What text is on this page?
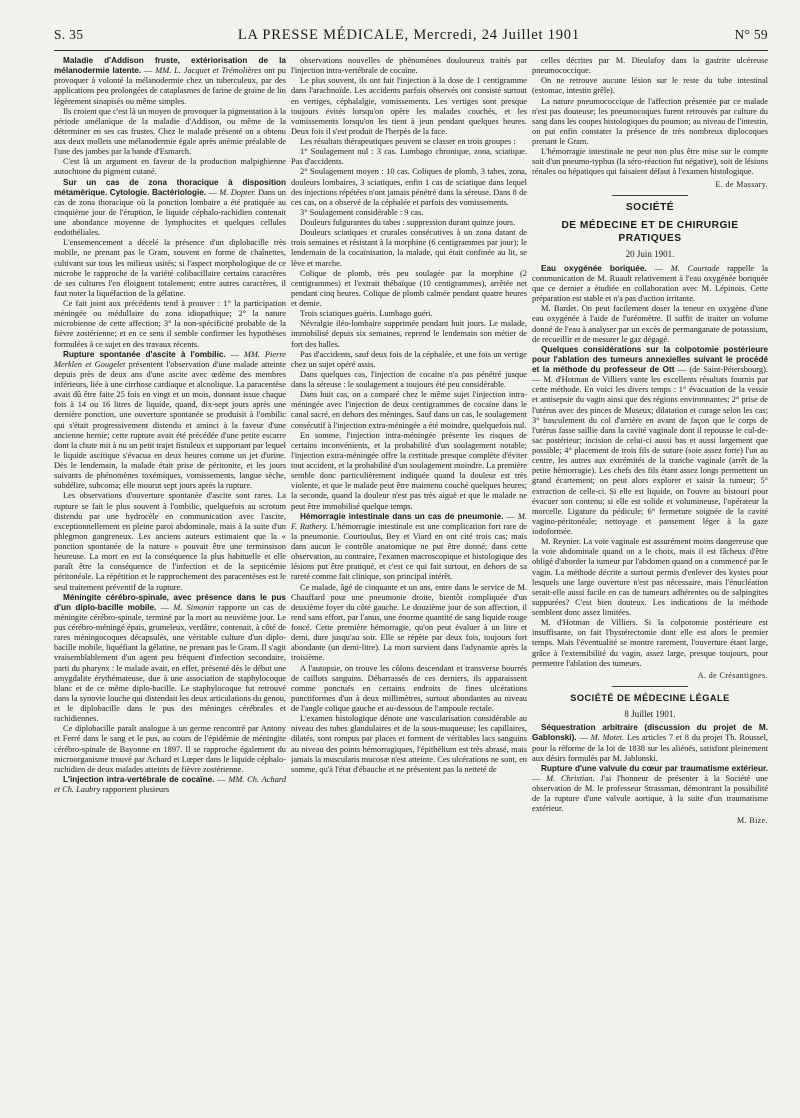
S. 35	LA PRESSE MÉDICALE, Mercredi, 24 Juillet 1901	N° 59

Maladie d'Addison fruste, extériorisation de la mélanodermie latente. — MM. L. Jacquet et Trémolières ont pu provoquer à volonté la mélanodermie chez un tuberculeux, par des applications peu prolongées de cataplasmes de farine de graine de lin légèrement sinapisés ou même simples.

Ils croient que c'est là un moyen de provoquer la pigmentation à la période amélanique de la maladie d'Addison, ou même de la déterminer en ses cas frustes. Chez le malade présenté on a obtenu aux deux mollets une mélanodermie égale après anémie préalable de l'une des jambes par la bande d'Esmarch.

C'est là un argument en faveur de la production malpighienne autochtone du pigment cutané.

Sur un cas de zona thoracique à disposition métamérique. Cytologie. Bactériologie. — M. Dopter. Dans un cas de zona thoracique où la ponction lombaire a été pratiquée au cinquième jour de l'éruption, le liquide céphalo-rachidien contenait une abondance moyenne de lymphocites et quelques cellules endothéliales.

L'ensemencement a décelé la présence d'un diplobacille très mobile, ne prenant pas le Gram, souvent en forme de chaînettes, cultivant sur tous les milieux usités; si l'aspect morphologique de ce microbe le rapproche de la variété colibacillaire certains caractères de ses cultures l'en éloignent totalement; entre autres caractères, il faut noter la liquéfaction de la gélatine.

Ce fait joint aux précédents tend à prouver : 1° la participation méningée ou médullaire du zona idiopathique; 2° la nature microbienne de cette affection; 3° la non-spécificité probable de la fièvre zostérienne; et en ce sens il semble confirmer les hypothèses formulées à ce sujet en des travaux récents.

Rupture spontanée d'ascite à l'ombilic. — MM. Pierre Merklen et Gougelet présentent l'observation d'une malade atteinte depuis près de deux ans d'une ascite avec œdème des membres inférieurs, liée à une cirrhose cardiaque et alcoolique. La paracentèse avait dû être faite 25 fois en vingt et un mois, donnant issue chaque fois à 14 ou 16 litres de liquide, quand, dix-sept jours après une dernière ponction, une ouverture spontanée se produisit à l'ombilic qui s'était progressivement distendu et aminci à la faveur d'une ancienne hernie; cette rupture avait été précédée d'une petite escarre dont la chute mit à nu un petit trajet fistuleux et supportant par lequel le liquide ascitique s'évacua en deux heures comme un jet d'urine. Dès le lendemain, la malade était prise de péritonite, et les jours suivants de phénomènes toxémiques, vomissements, langue sèche, subdélire, subcoma; elle mourut sept jours après la rupture.

Les observations d'ouverture spontanée d'ascite sont rares. La rupture se fait le plus souvent à l'ombilic, quelquefois au scrotum distendu par une hydrocèle en communication avec l'ascite, exceptionnellement en pleine paroi abdominale, mais à la suite d'un phlegmon gangreneux. Les anciens auteurs estimaient que la « ponction spontanée de la nature » pouvait être une terminaison heureuse. La mort en est la conséquence la plus habituelle et elle paraît être la conséquence de l'infection et de la septicémie péritonéale. La répétition et le rapprochement des paracentèses est le seul traitement préventif de la rupture.

Méningite cérébro-spinale, avec présence dans le pus d'un diplo-bacille mobile. — M. Simonin rapporte un cas de méningite cérébro-spinale, terminé par la mort au neuvième jour. Le pus cérébro-méningé épais, grumeleux, verdâtre, contenait, à côté de rares méningocoques décapsulés, une véritable culture d'un diplo-bacille mobile, liquéfiant la gélatine, ne prenant pas le Gram. Il s'agit vraisemblablement d'un agent peu fréquent d'infection secondaire, parti du pharynx : le malade avait, en effet, présenté dès le début une amygdalite érythémateuse, due à une association de staphylocoque blanc et de ce même diplo-bacille. Le staphylocoque fut retrouvé dans la synovie louche qui distendait les deux articulations du genou, et le diplobacille dans le pus des méninges cérébrales et rachidiennes.

Ce diplobacille paraît analogue à un germe rencontré par Antony et Ferré dans le sang et le pus, au cours de l'épidémie de méningite cérébro-spinale de Bayonne en 1897. Il se rapproche également du microorganisme trouvé par Achard et Lœper dans le liquide céphalo-rachidien de deux malades atteints de fièvre zostérienne.

L'injection intra-vertébrale de cocaïne. — MM. Ch. Achard et Ch. Laubry rapportent plusieurs

observations nouvelles de phénomènes douloureux traités par l'injection intra-vertébrale de cocaïne.

Le plus souvent, ils ont fait l'injection à la dose de 1 centigramme dans l'arachnoïde. Les accidents parfois observés ont consisté surtout en vertiges, céphalalgie, vomissements. Les vertiges sont presque toujours évités lorsqu'on opère les malades couchés, et les vomissements lorsqu'on les tient à jeun pendant quelques heures. Deux fois il s'est produit de l'herpès de la face.

Les résultats thérapeutiques peuvent se classer en trois groupes :

1° Soulagement nul : 3 cas. Lumbago chronique, zona, sciatique. Pas d'accidents.

2° Soulagement moyen : 10 cas. Coliques de plomb, 3 tabes, zona, douleurs lombaires, 3 sciatiques, enfin 1 cas de sciatique dans lequel des injections répétées n'ont jamais pénétré dans la séreuse. Dans 8 de ces cas, on a observé de la céphalée et parfois des vomissements.

3° Soulagement considérable : 9 cas.

Douleurs fulgurantes du tabes : suppression durant quinze jours.

Douleurs sciatiques et crurales consécutives à un zona datant de trois semaines et résistant à la morphine (6 centigrammes par jour); le lendemain de la cocaïnisation, la malade, qui était confinée au lit, se lève et marche.

Colique de plomb, très peu soulagée par la morphine (2 centigrammes) et l'extrait thébaïque (10 centigrammes), arrêtée net pendant cinq heures. Colique de plomb calmée pendant quatre heures et demie.

Trois sciatiques guéris. Lumbago guéri.

Névralgie iléo-lombaire supprimée pendant huit jours. Le malade, immobilisé depuis six semaines, reprend le lendemain son métier de fort des halles.

Pas d'accidents, sauf deux fois de la céphalée, et une fois un vertige chez un sujet opéré assis.

Dans quelques cas, l'injection de cocaïne n'a pas pénétré jusque dans la séreuse : le soulagement a toujours été peu considérable.

Dans huit cas, on a comparé chez le même sujet l'injection intra-méningée avec l'injection de deux centigrammes de cocaïne dans le canal sacré, en dehors des méninges. Sauf dans un cas, le soulagement consécutif à l'injection extra-méningée a été moindre, quelquefois nul.

En somme, l'injection intra-méningée présente les risques de certains inconvénients, et la probabilité d'un soulagement notable; l'injection extra-méningée offre la certitude presque complète d'éviter tout accident, et la probabilité d'un soulagement moindre. La première semble donc particulièrement indiquée quand la douleur est très violente, et que le malade peut être maintenu couché quelques heures; la seconde, quand la douleur n'est pas très aiguë et que le malade ne peut être immobilisé quelque temps.

Hémorragie intestinale dans un cas de pneumonie. — M. F. Rathery. L'hémorragie intestinale est une complication fort rare de la pneumonie. Courtoulus, Bey et Viard en ont cité trois cas; mais dans aucun le contrôle anatomique ne put être donné; dans cette observation, au contraire, l'examen macroscopique et histologique des lésions put être pratiqué, et c'est ce qui fait surtout, en dehors de sa rareté comme fait clinique, son principal intérêt.

Ce malade, âgé de cinquante et un ans, entre dans le service de M. Chauffard pour une pneumonie droite, bientôt compliquée d'un deuxième foyer du côté gauche. Le douzième jour de son affection, il rend sans effort, par l'anus, une énorme quantité de sang liquide rouge foncé. Cette première hémorragie, qu'on peut évaluer à un litre et demi, dure jusqu'au soir. Elle se répète par deux fois, toujours fort abondante (un demi-litre). La mort survient dans l'adynamie après la troisième.

A l'autopsie, on trouve les côlons descendant et transverse bourrés de caillots sanguins. Débarrassés de ces derniers, ils apparaissent comme ponctués en certains endroits de fines ulcérations punctiformes d'un à deux millimètres, surtout abondantes au niveau de l'angle colique gauche et au-dessous de l'ampoule rectale.

L'examen histologique dénote une vascularisation considérable au niveau des tubes glandulaires et de la sous-muqueuse; les capillaires, dilatés, sont rompus par places et forment de véritables lacs sanguins au niveau des points hémorragiques, l'épithélium est très abrasé, mais jamais la muscularis mucosæ n'est atteinte. Ces ulcérations ne sont, en somme, qu'à l'état d'ébauche et ne présentent pas la netteté de

celles décrites par M. Dieulafoy dans la gastrite ulcéreuse pneumococcique.

On ne retrouve aucune lésion sur le reste du tube intestinal (estomac, intestin grêle).

La nature pneumococcique de l'affection présentée par ce malade n'est pas douteuse; les pneumocoques furent retrouvés par culture du sang dans les coupes histologiques du poumon; au niveau de l'intestin, on put enfin constater la présence de très nombreux diplocoques prenant le Gram.

L'hémorragie intestinale ne peut non plus être mise sur le compte soit d'un pneumo-typhus (la séro-réaction fut négative), soit de lésions rénales ou hépatiques qui faisaient défaut à l'examen histologique.

E. de Massary.
SOCIÉTÉ
DE MÉDECINE ET DE CHIRURGIE PRATIQUES
20 Juin 1901.

Eau oxygénée boriquée. — M. Courtade rappelle la communication de M. Ruault relativement à l'eau oxygénée boriquée que ce dernier a étudiée en collaboration avec M. Lépinois. Cette préparation est stable et n'a pas d'action irritante.

M. Bardet. On peut facilement doser la teneur en oxygène d'une eau oxygénée à l'aide de l'uréomètre. Il suffit de traiter un volume donné de l'eau à analyser par un excès de permanganate de potassium, de recueillir et de mesurer le gaz dégagé.

Quelques considérations sur la colpotomie postérieure pour l'ablation des tumeurs annexielles suivant le procédé et la méthode du professeur de Ott — (de Saint-Pétersbourg). — M. d'Hotman de Villiers vante les excellents résultats fournis par cette méthode. En voici les divers temps : 1° évacuation de la vessie et antisepsie du vagin ainsi que des régions environnantes; 2° prise de l'utérus avec des pinces de Museux; dilatation et curage selon les cas; 3° basculement du col d'arrière en avant de façon que le corps de l'utérus fasse saillie dans la cavité vaginale dont il repousse le cul-de-sac postérieur; incision de celui-ci aussi bas et aussi largement que possible; 4° placement de trois fils de suture (soie assez forte) l'un au centre, les autres aux extrémités de la tranche vaginale (arrêt de la petite hémorragie). Les chefs des fils étant assez longs permettent un grand écartement; on peut alors explorer et saisir la tumeur; 5° extraction de celle-ci. Si elle est liquide, on l'ouvre au bistouri pour évacuer son contenu; si elle est solide et volumineuse, l'opérateur la morcelle. Ligature du pédicule; 6° fermeture soignée de la cavité vagino-péritonéale; nettoyage et pansement léger à la gaze iodoformée.

M. Reynier. La voie vaginale est assurément moins dangereuse que la voie abdominale quand on a le choix, mais il est fâcheux d'être obligé d'aborder la tumeur par l'abdomen quand on a commencé par le vagin. La méthode décrite a surtout permis d'enlever des kystes pour lesquels une large ouverture n'est pas nécessaire, mais l'énucléation serait-elle aussi facile en cas de tumeurs adhérentes ou de salpingites suppurées? C'est bien douteux. Les indications de la méthode semblent donc assez limitées.

M. d'Hotman de Villiers. Si la colpotomie postérieure est insuffisante, on fait l'hystérectomie dont elle est alors le premier temps. Mais l'éventualité se montre rarement, l'ouverture étant large, grâce à l'extensibilité du vagin, assez large, presque toujours, pour permettre l'ablation des tumeurs.

A. de Crésantignes.
SOCIÉTÉ DE MÉDECINE LÉGALE
8 Juillet 1901.

Séquestration arbitraire (discussion du projet de M. Gablonski). — M. Motet. Les articles 7 et 8 du projet Th. Roussel, pour la réforme de la loi de 1838 sur les aliénés, satisfont pleinement aux désirs formulés par M. Jablonski.

Rupture d'une valvule du cœur par traumatisme extérieur. — M. Christian. J'ai l'honneur de présenter à la Société une observation de M. le professeur Strassman, démontrant la possibilité de la rupture d'une valvule aortique, à la suite d'un traumatisme extérieur.

M. Bize.
